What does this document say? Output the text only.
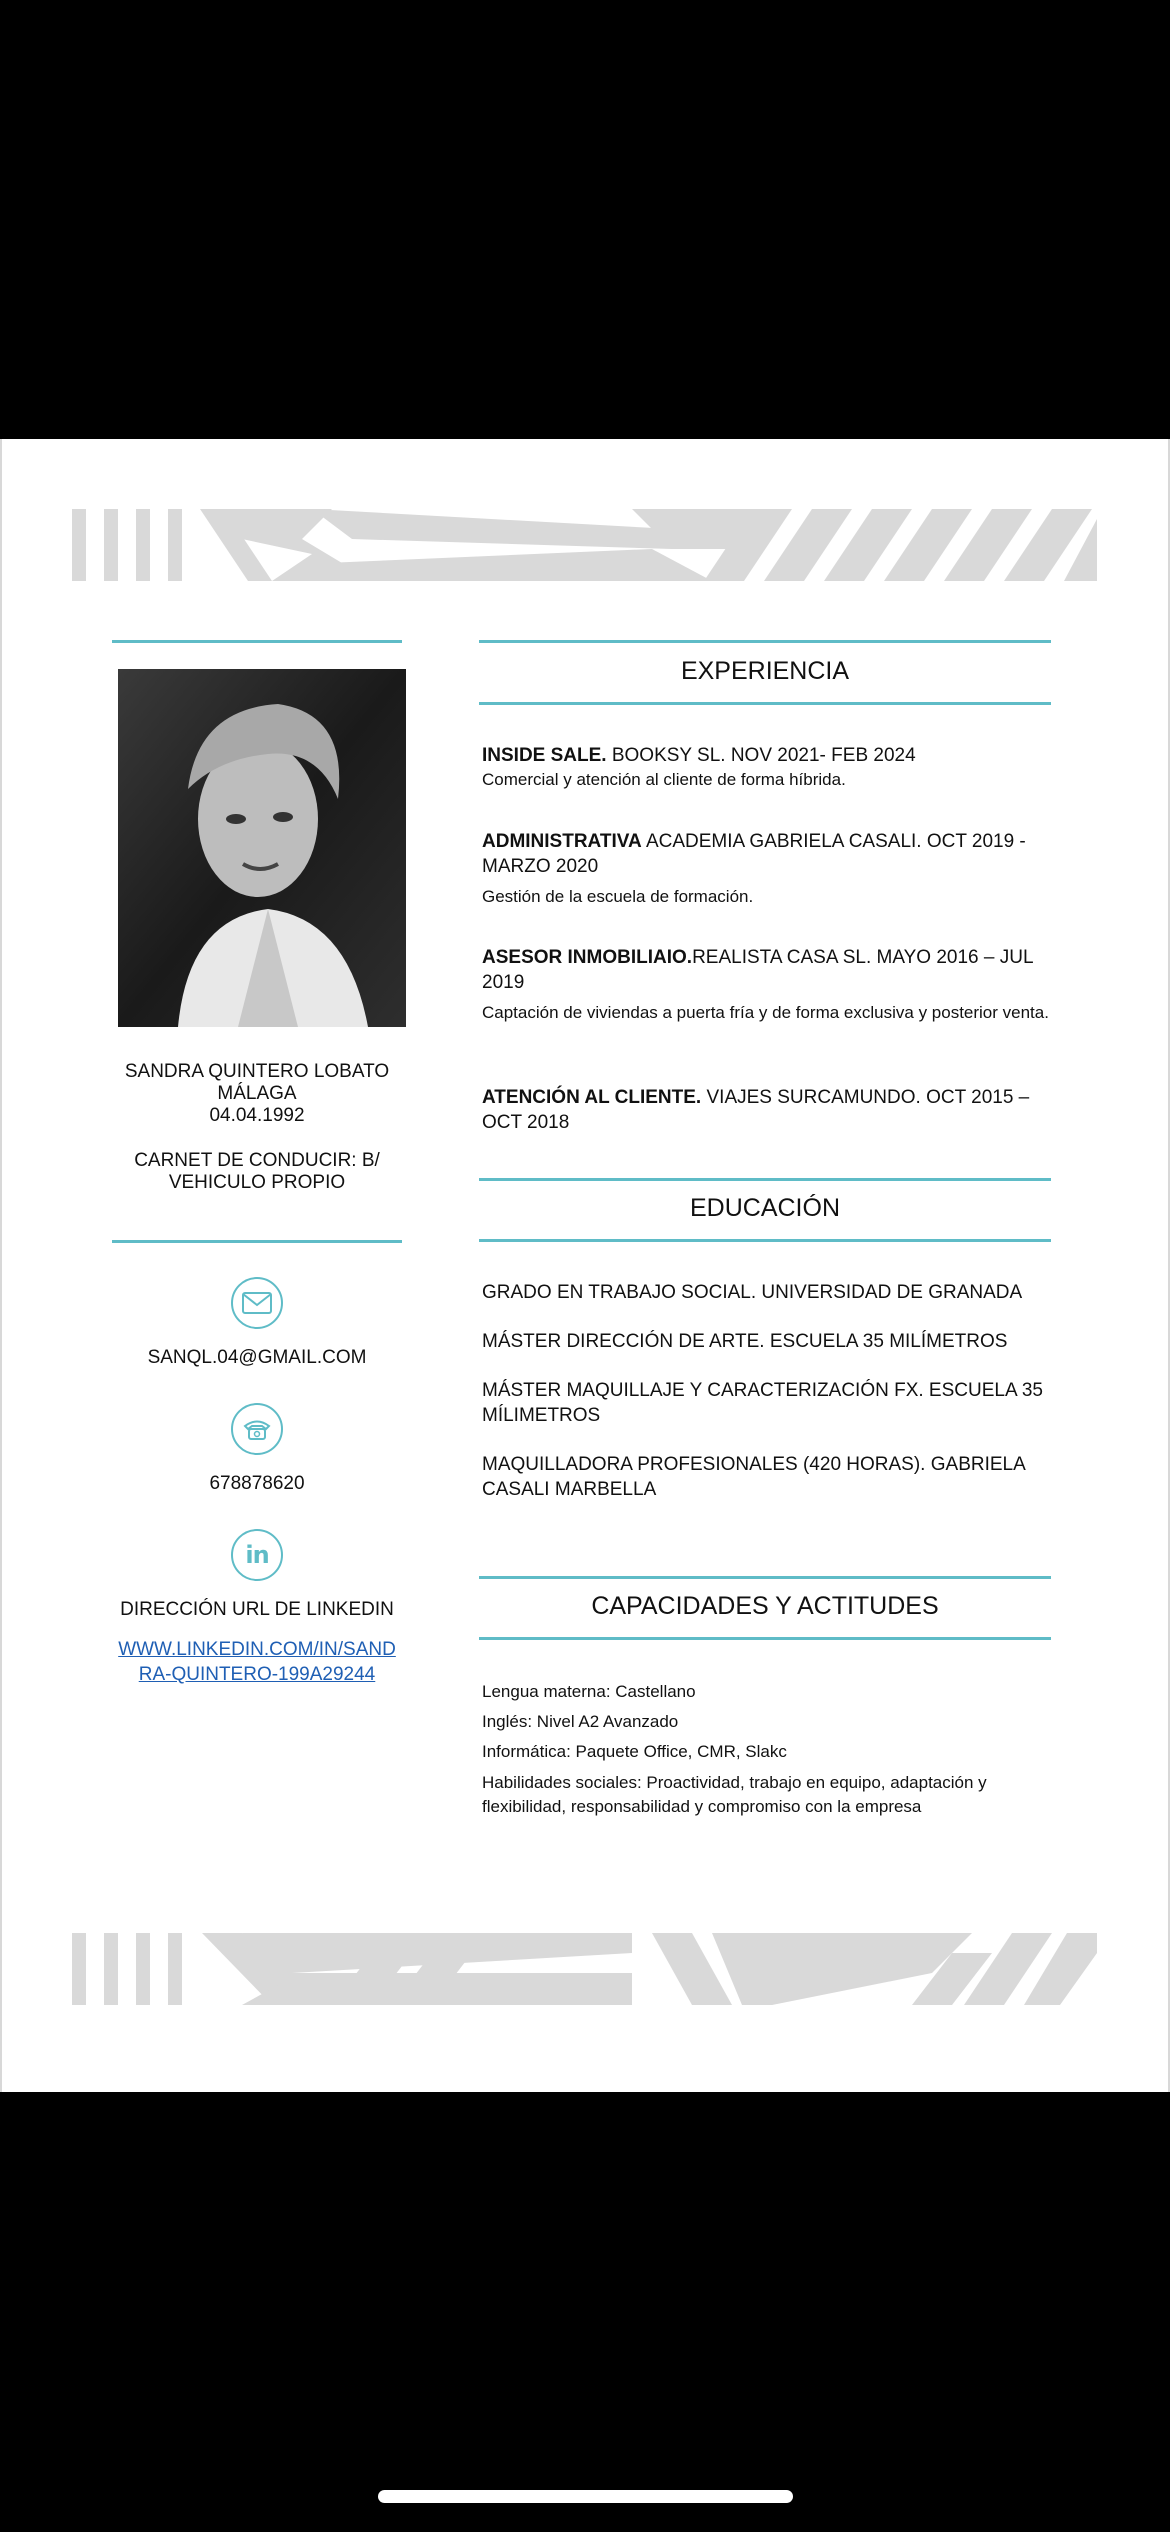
SANDRA QUINTERO LOBATO
MÁLAGA
04.04.1992
CARNET DE CONDUCIR: B/
VEHICULO PROPIO
SANQL.04@GMAIL.COM
678878620
in
DIRECCIÓN URL DE LINKEDIN
WWW.LINKEDIN.COM/IN/SAND
RA-QUINTERO-199A29244
EXPERIENCIA
INSIDE SALE. BOOKSY SL. NOV 2021- FEB 2024
Comercial y atención al cliente de forma híbrida.
ADMINISTRATIVA ACADEMIA GABRIELA CASALI. OCT 2019 - MARZO 2020
Gestión de la escuela de formación.
ASESOR INMOBILIAIO.REALISTA CASA SL. MAYO 2016 – JUL 2019
Captación de viviendas a puerta fría y de forma exclusiva y posterior venta.
ATENCIÓN AL CLIENTE. VIAJES SURCAMUNDO. OCT 2015 – OCT 2018
EDUCACIÓN
GRADO EN TRABAJO SOCIAL. UNIVERSIDAD DE GRANADA
MÁSTER DIRECCIÓN DE ARTE. ESCUELA 35 MILÍMETROS
MÁSTER MAQUILLAJE Y CARACTERIZACIÓN FX. ESCUELA 35 MÍLIMETROS
MAQUILLADORA PROFESIONALES (420 HORAS). GABRIELA CASALI MARBELLA
CAPACIDADES Y ACTITUDES
Lengua materna: Castellano
Inglés: Nivel A2 Avanzado
Informática: Paquete Office, CMR, Slakc
Habilidades sociales: Proactividad, trabajo en equipo, adaptación y flexibilidad, responsabilidad y compromiso con la empresa
